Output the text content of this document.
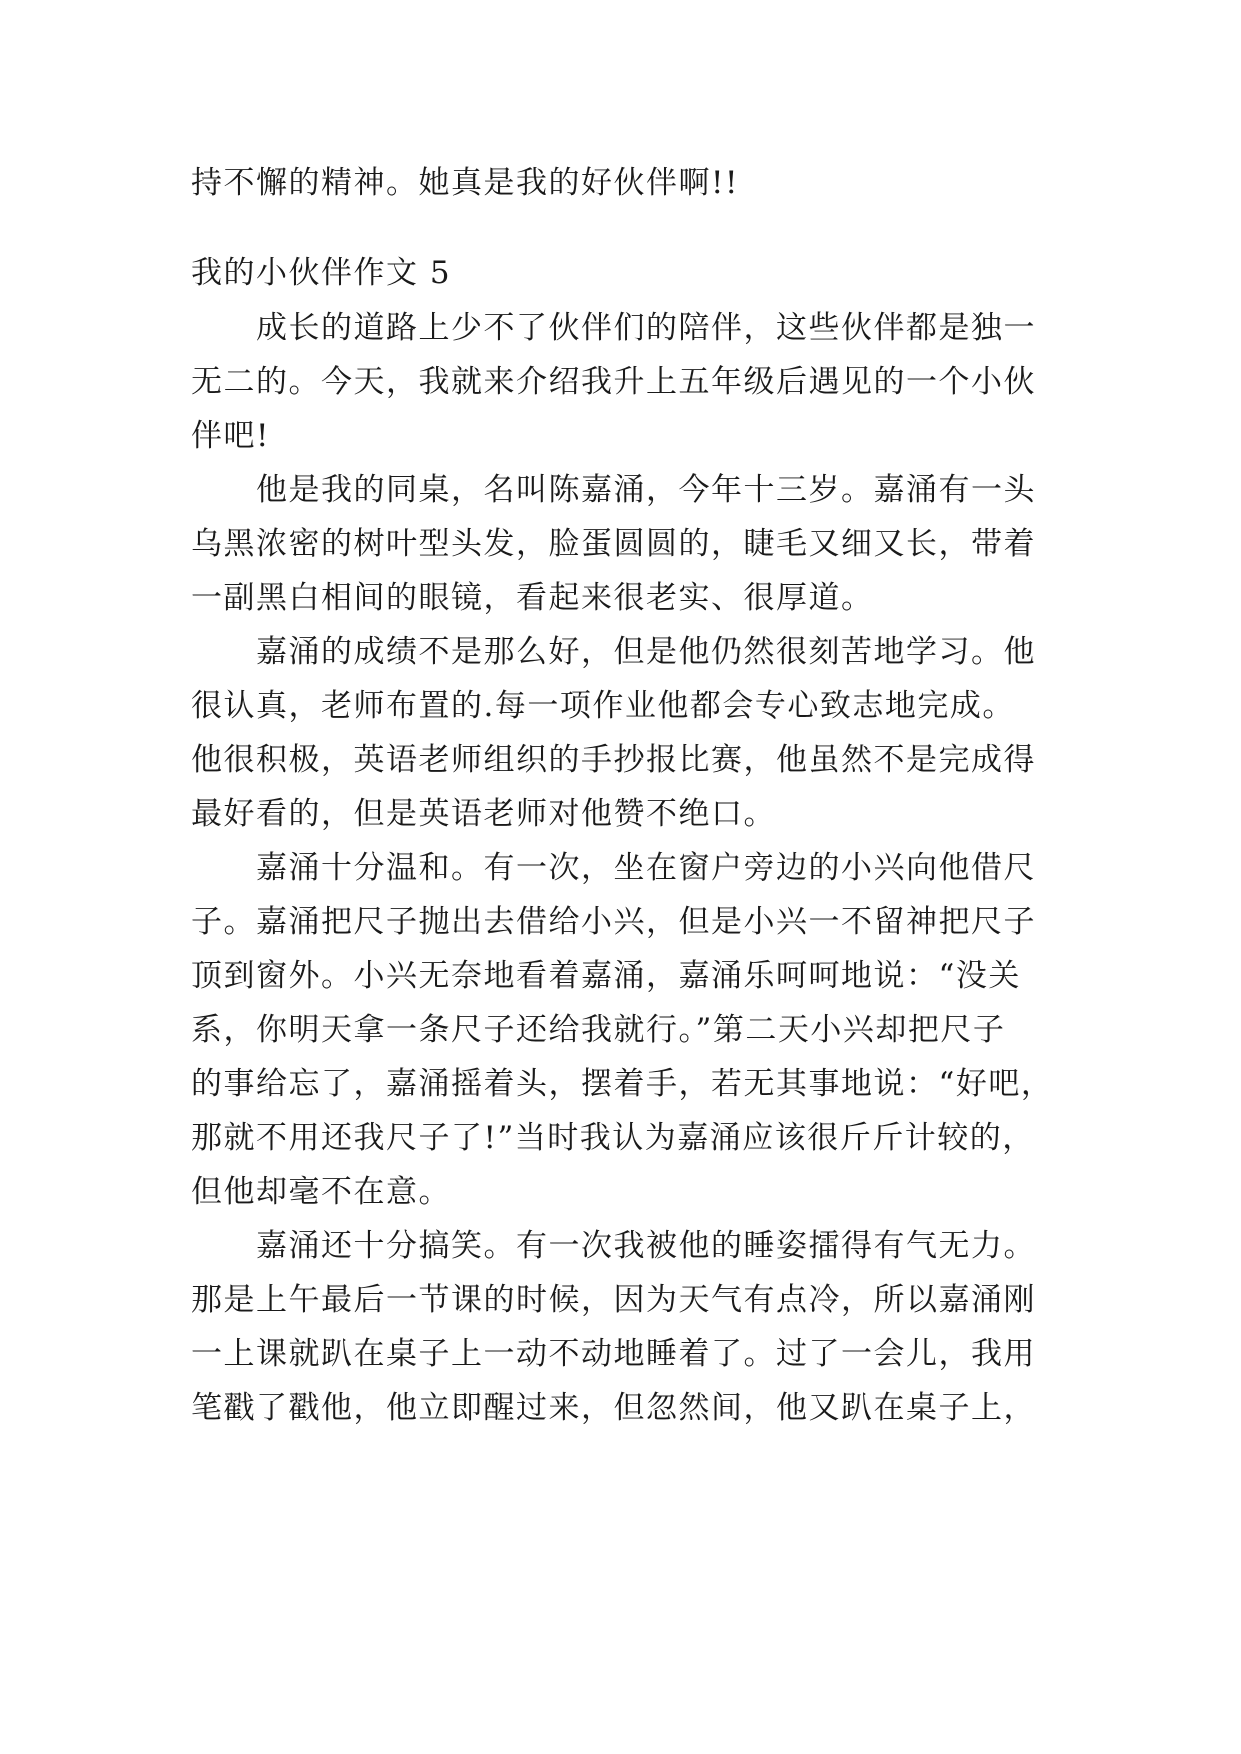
持不懈的精神。她真是我的好伙伴啊!!
我的小伙伴作文 5
成长的道路上少不了伙伴们的陪伴，这些伙伴都是独一
无二的。今天，我就来介绍我升上五年级后遇见的一个小伙
伴吧!
他是我的同桌，名叫陈嘉涌，今年十三岁。嘉涌有一头
乌黑浓密的树叶型头发，脸蛋圆圆的，睫毛又细又长，带着
一副黑白相间的眼镜，看起来很老实、很厚道。
嘉涌的成绩不是那么好，但是他仍然很刻苦地学习。他
很认真，老师布置的.每一项作业他都会专心致志地完成。
他很积极，英语老师组织的手抄报比赛，他虽然不是完成得
最好看的，但是英语老师对他赞不绝口。
嘉涌十分温和。有一次，坐在窗户旁边的小兴向他借尺
子。嘉涌把尺子抛出去借给小兴，但是小兴一不留神把尺子
顶到窗外。小兴无奈地看着嘉涌，嘉涌乐呵呵地说：“没关
系，你明天拿一条尺子还给我就行。”第二天小兴却把尺子
的事给忘了，嘉涌摇着头，摆着手，若无其事地说：“好吧，
那就不用还我尺子了!”当时我认为嘉涌应该很斤斤计较的，
但他却毫不在意。
嘉涌还十分搞笑。有一次我被他的睡姿擂得有气无力。
那是上午最后一节课的时候，因为天气有点冷，所以嘉涌刚
一上课就趴在桌子上一动不动地睡着了。过了一会儿，我用
笔戳了戳他，他立即醒过来，但忽然间，他又趴在桌子上，
